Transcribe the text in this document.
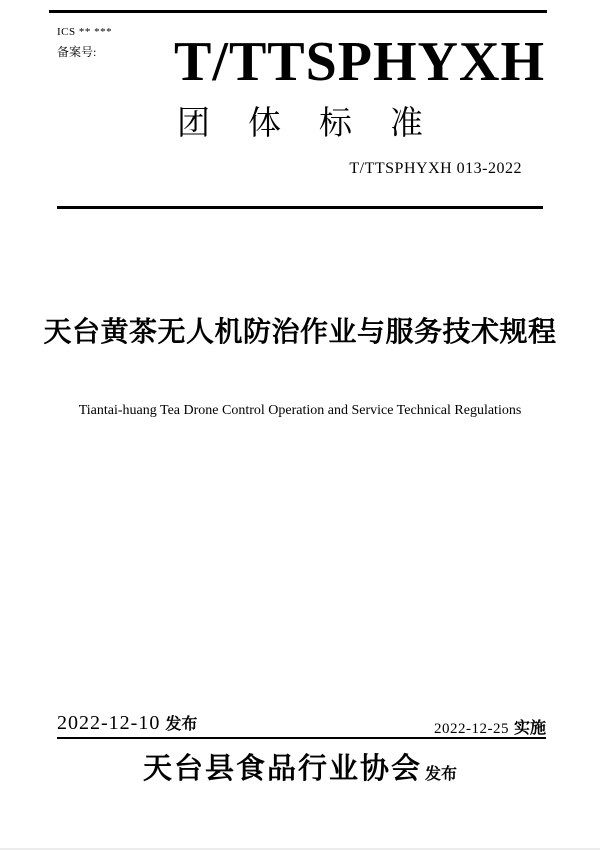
ICS ** ***
备案号: T/TTSPHYXH
团体标准
T/TTSPHYXH 013-2022
天台黄茶无人机防治作业与服务技术规程
Tiantai-huang Tea Drone Control Operation and Service Technical Regulations
2022-12-10 发布	2022-12-25 实施
天台县食品行业协会 发布
